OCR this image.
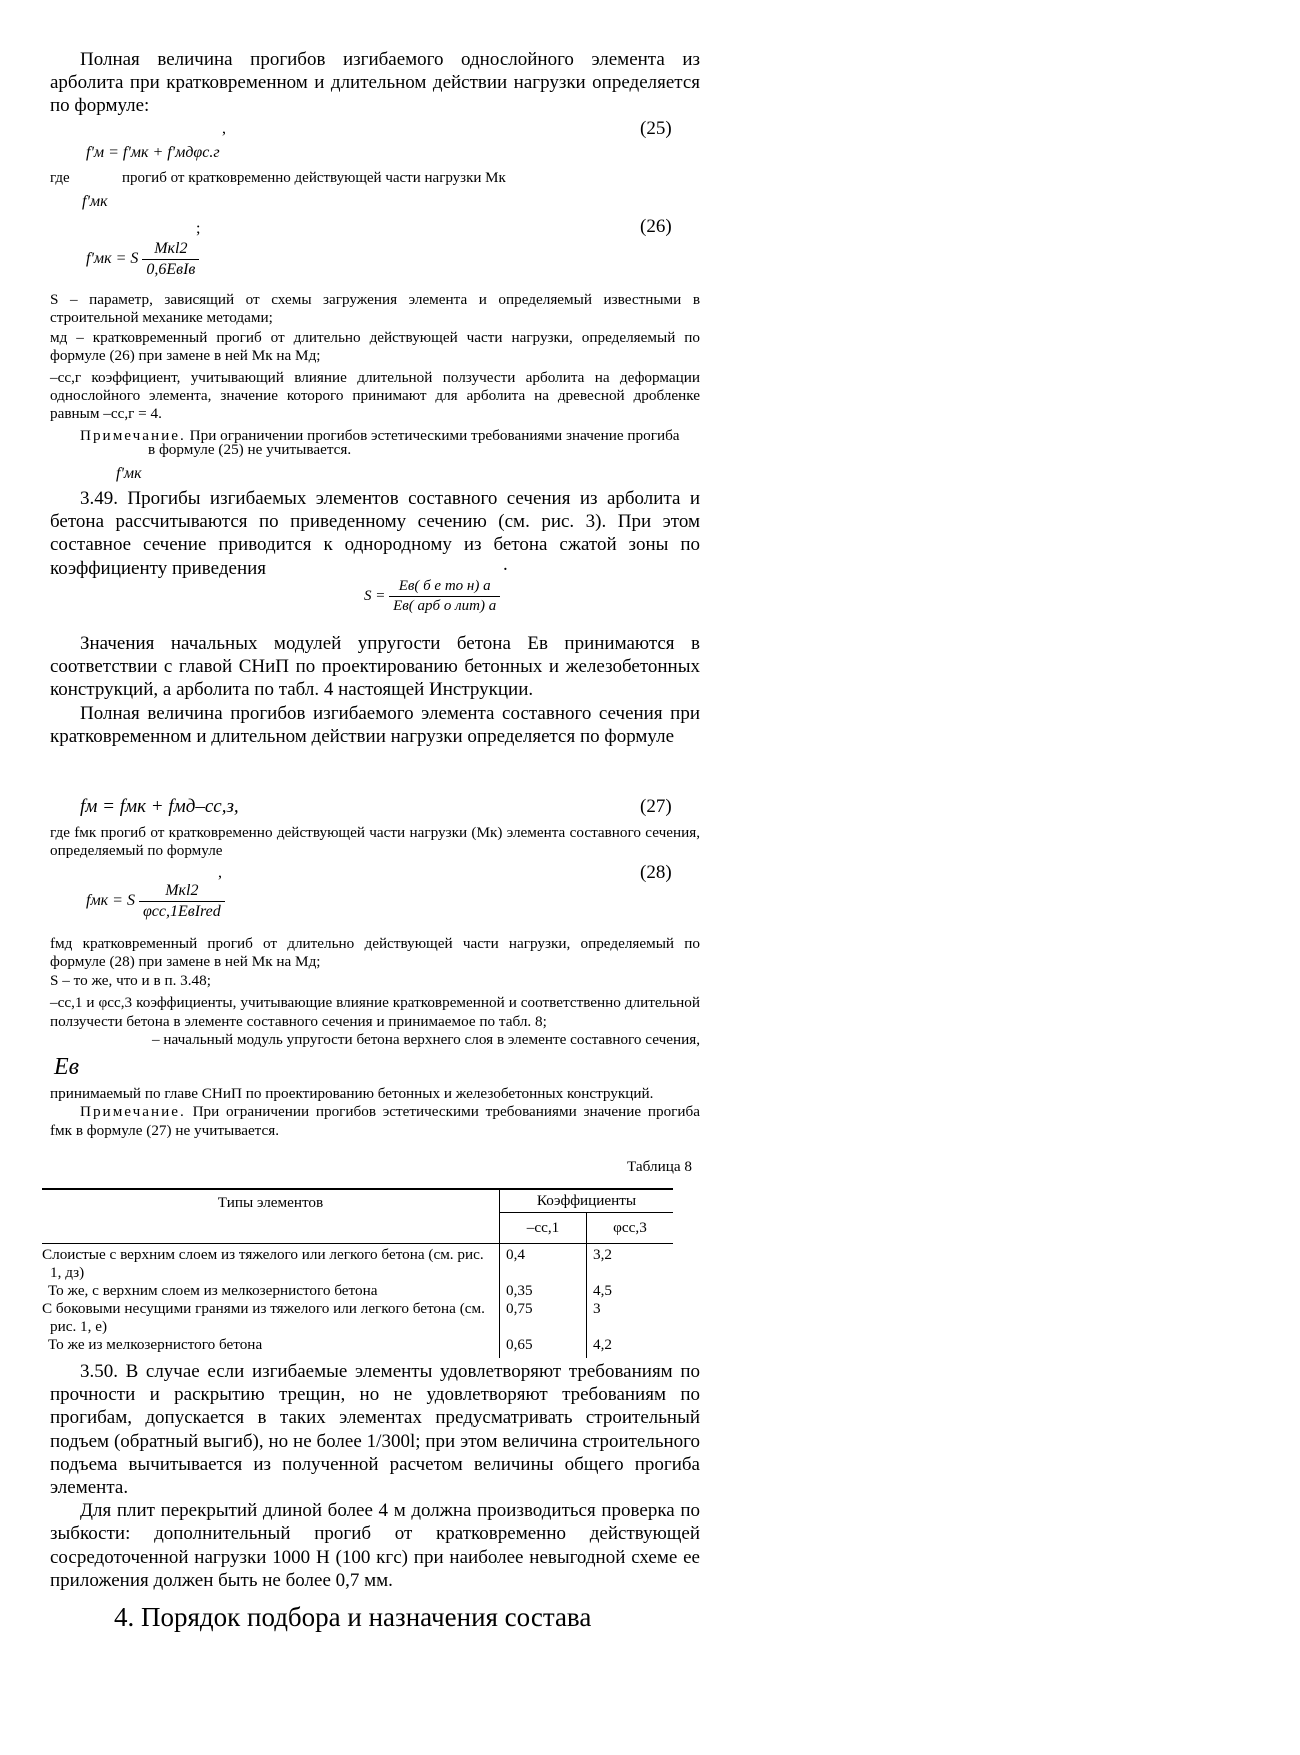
Полная величина прогибов изгибаемого однослойного элемента из арболита при кратковременном и длительном действии нагрузки определяется по формуле:

,	(25)
fʹм = fʹмк + fʹмдφс.г
где	прогиб от кратковременно действующей части нагрузки Мк
fʹмк
;	(26)
fʹмк = S $\frac{\text{Мкl2}}{\text{0,6EвIв}}$

S – параметр, зависящий от схемы загружения элемента и определяемый известными в строительной механике методами;

мд – кратковременный прогиб от длительно действующей части нагрузки, определяемый по формуле (26) при замене в ней Мк на Мд;

–сс,г коэффициент, учитывающий влияние длительной ползучести арболита на деформации однослойного элемента, значение которого принимают для арболита на древесной дробленке равным –сс,г = 4.

Примечание. При ограничении прогибов эстетическими требованиями значение прогиба

в формуле (25) не учитывается.
fʹмк

3.49. Прогибы изгибаемых элементов составного сечения из арболита и бетона рассчитываются по приведенному сечению (см. рис. 3). При этом составное сечение приводится к однородному из бетона сжатой зоны по коэффициенту приведения	.
$S = \frac{\text{Eв( б е то н) а}}{\text{Eв( арб о лит) а}}$

Значения начальных модулей упругости бетона Eв принимаются в соответствии с главой СНиП по проектированию бетонных и железобетонных конструкций, а арболита по табл. 4 настоящей Инструкции.

Полная величина прогибов изгибаемого элемента составного сечения при кратковременном и длительном действии нагрузки определяется по формуле

fм = fмк + fмд–сс,з,	(27)

где fмк прогиб от кратковременно действующей части нагрузки (Мк) элемента составного сечения, определяемый по формуле

,	(28)
fмк = S $\frac{\text{Мкl2}}{\text{φсс,1EвIred}}$

fмд кратковременный прогиб от длительно действующей части нагрузки, определяемый по формуле (28) при замене в ней Мк на Мд;

S – то же, что и в п. 3.48;

–сс,1 и φсс,3 коэффициенты, учитывающие влияние кратковременной и соответственно длительной ползучести бетона в элементе составного сечения и принимаемое по табл. 8;

– начальный модуль упругости бетона верхнего слоя в элементе составного сечения,

Eв

принимаемый по главе СНиП по проектированию бетонных и железобетонных конструкций.

Примечание. При ограничении прогибов эстетическими требованиями значение прогиба fмк в формуле (27) не учитывается.

Таблица 8
Типы элементов	Коэффициенты	
	–сс,1	φсс,3
Слоистые с верхним слоем из тяжелого или легкого бетона (см. рис. 1, дз)	0,4	3,2
То же, с верхним слоем из мелкозернистого бетона	0,35	4,5
С боковыми несущими гранями из тяжелого или легкого бетона (см. рис. 1, е)	0,75	3
То же из мелкозернистого бетона	0,65	4,2

3.50. В случае если изгибаемые элементы удовлетворяют требованиям по прочности и раскрытию трещин, но не удовлетворяют требованиям по прогибам, допускается в таких элементах предусматривать строительный подъем (обратный выгиб), но не более 1/300l; при этом величина строительного подъема вычитывается из полученной расчетом величины общего прогиба элемента.

Для плит перекрытий длиной более 4 м должна производиться проверка по зыбкости: дополнительный прогиб от кратковременно действующей сосредоточенной нагрузки 1000 Н (100 кгс) при наиболее невыгодной схеме ее приложения должен быть не более 0,7 мм.

4. Порядок подбора и назначения состава
